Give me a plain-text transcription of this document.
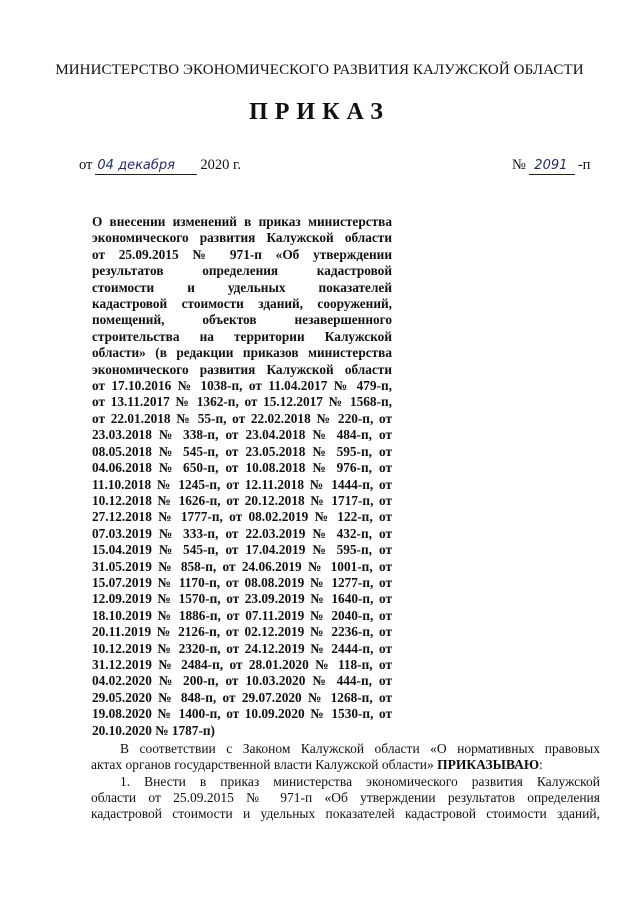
МИНИСТЕРСТВО ЭКОНОМИЧЕСКОГО РАЗВИТИЯ КАЛУЖСКОЙ ОБЛАСТИ
ПРИКАЗ
от 04 декабря 2020 г.	№ 2091 -п
О внесении изменений в приказ министерства
экономического развития Калужской области
от 25.09.2015 № 971-п «Об утверждении
результатов определения кадастровой
стоимости и удельных показателей
кадастровой стоимости зданий, сооружений,
помещений, объектов незавершенного
строительства на территории Калужской
области» (в редакции приказов министерства
экономического развития Калужской области
от 17.10.2016 № 1038-п, от 11.04.2017 № 479-п,
от 13.11.2017 № 1362-п, от 15.12.2017 № 1568-п,
от 22.01.2018 № 55-п, от 22.02.2018 № 220-п, от
23.03.2018 № 338-п, от 23.04.2018 № 484-п, от
08.05.2018 № 545-п, от 23.05.2018 № 595-п, от
04.06.2018 № 650-п, от 10.08.2018 № 976-п, от
11.10.2018 № 1245-п, от 12.11.2018 № 1444-п, от
10.12.2018 № 1626-п, от 20.12.2018 № 1717-п, от
27.12.2018 № 1777-п, от 08.02.2019 № 122-п, от
07.03.2019 № 333-п, от 22.03.2019 № 432-п, от
15.04.2019 № 545-п, от 17.04.2019 № 595-п, от
31.05.2019 № 858-п, от 24.06.2019 № 1001-п, от
15.07.2019 № 1170-п, от 08.08.2019 № 1277-п, от
12.09.2019 № 1570-п, от 23.09.2019 № 1640-п, от
18.10.2019 № 1886-п, от 07.11.2019 № 2040-п, от
20.11.2019 № 2126-п, от 02.12.2019 № 2236-п, от
10.12.2019 № 2320-п, от 24.12.2019 № 2444-п, от
31.12.2019 № 2484-п, от 28.01.2020 № 118-п, от
04.02.2020 № 200-п, от 10.03.2020 № 444-п, от
29.05.2020 № 848-п, от 29.07.2020 № 1268-п, от
19.08.2020 № 1400-п, от 10.09.2020 № 1530-п, от
20.10.2020 № 1787-п)
В соответствии с Законом Калужской области «О нормативных правовых
актах органов государственной власти Калужской области» ПРИКАЗЫВАЮ:
1. Внести в приказ министерства экономического развития Калужской
области от 25.09.2015 № 971-п «Об утверждении результатов определения
кадастровой стоимости и удельных показателей кадастровой стоимости зданий,
